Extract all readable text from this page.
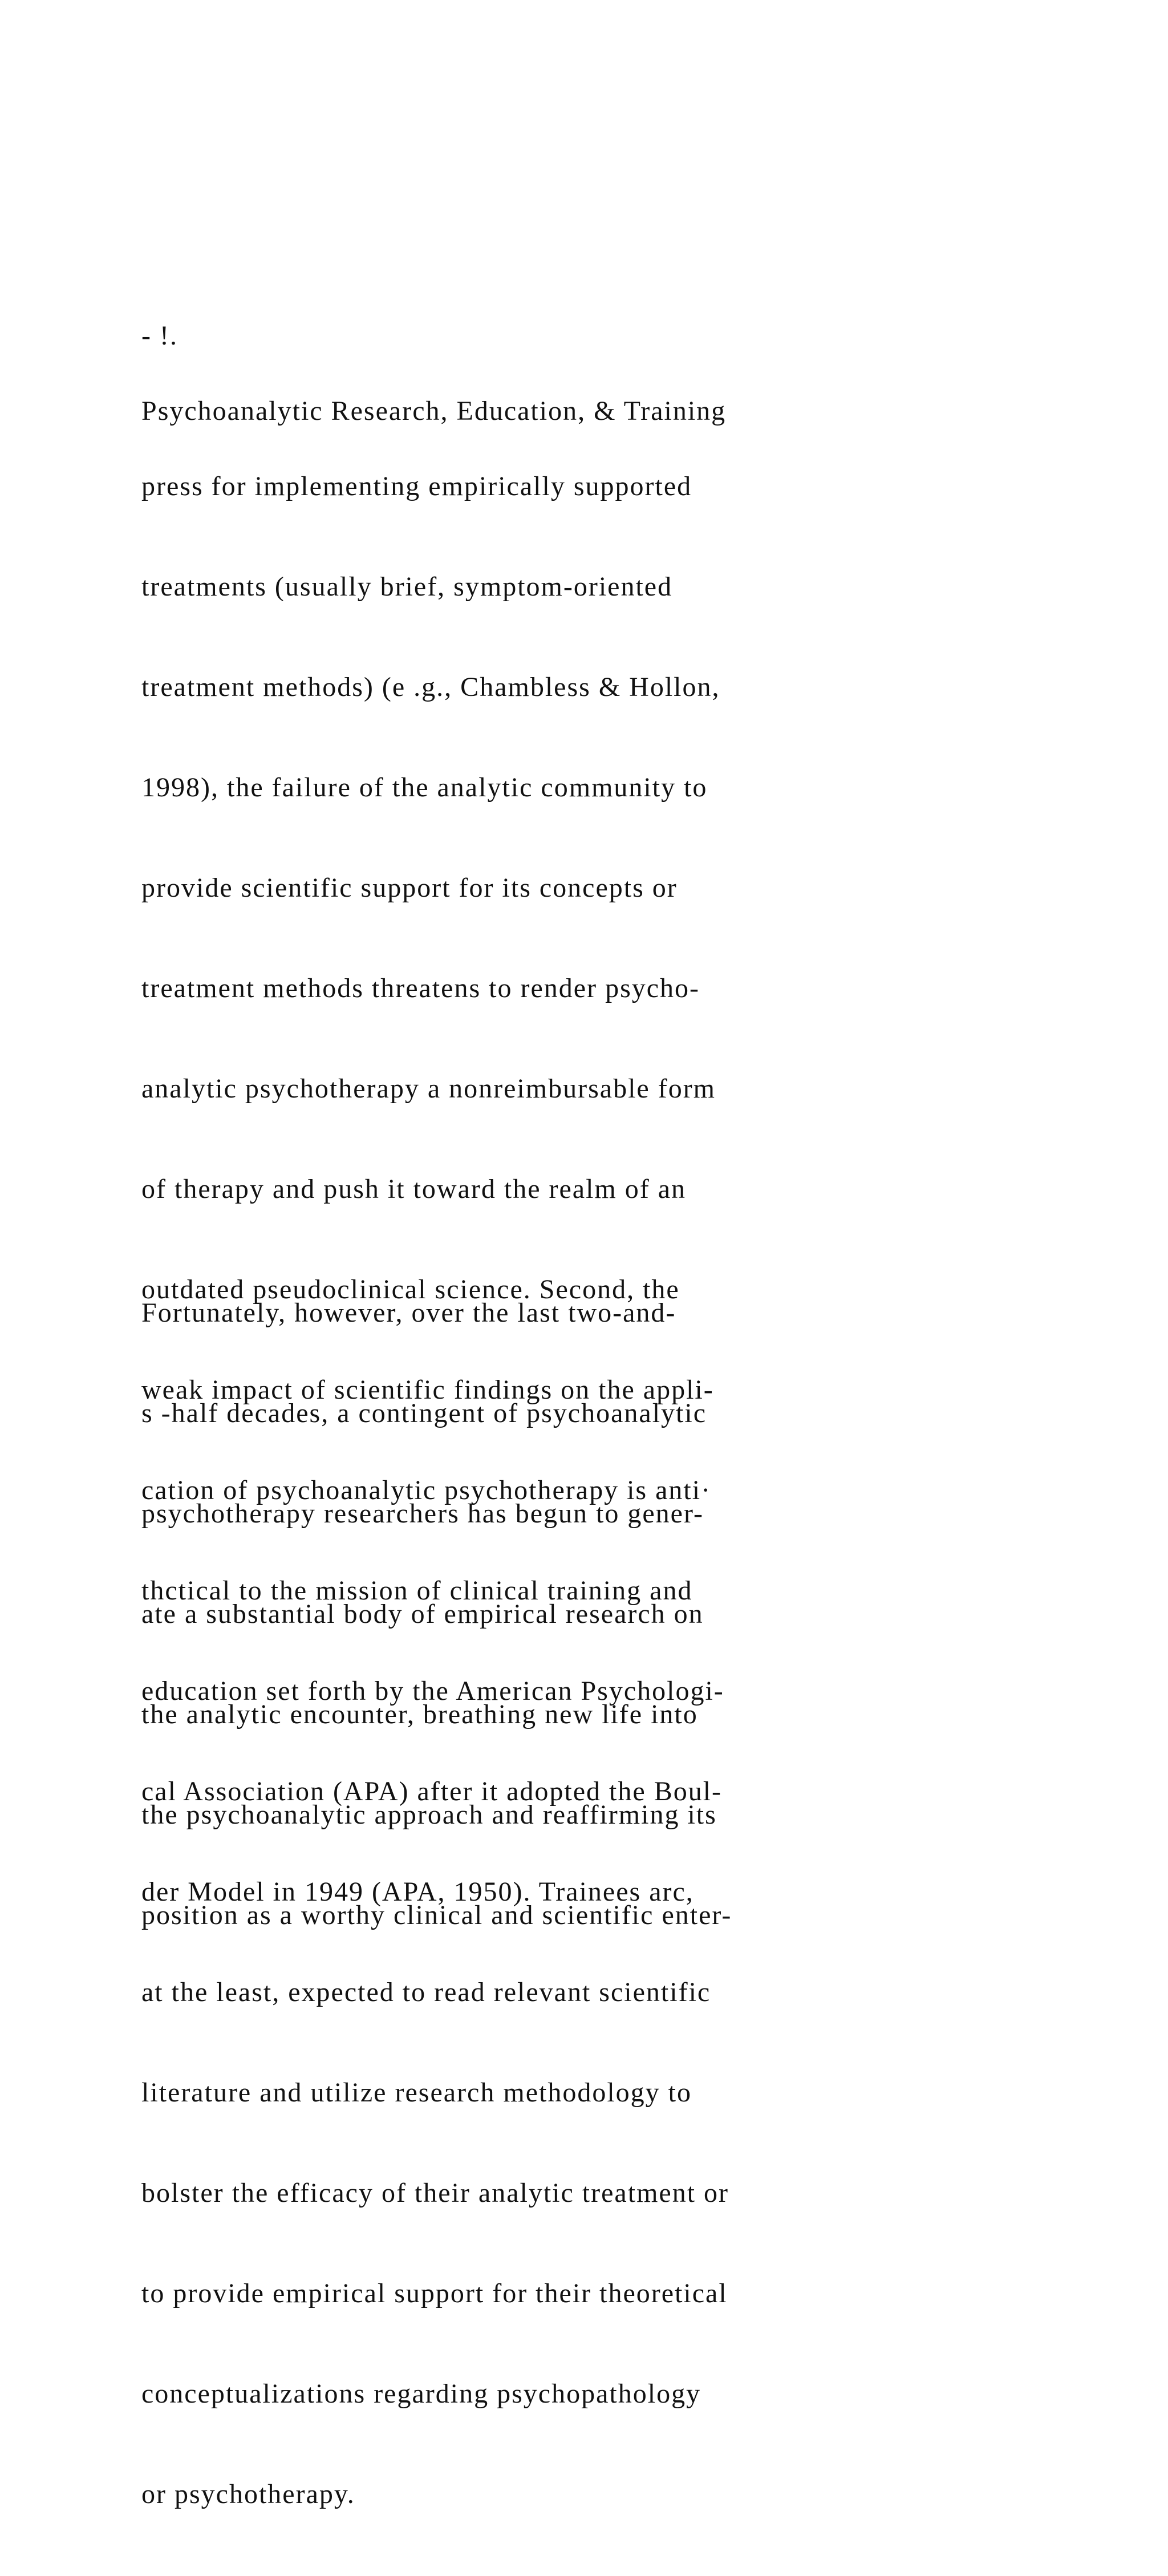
- !.

Psychoanalytic Research, Education, & Training

press for implementing empirically supported

treatments (usually brief, symptom-oriented

treatment methods) (e .g., Chambless & Hollon,

1998), the failure of the analytic community to

provide scientific support for its concepts or

treatment methods threatens to render psycho-

analytic psychotherapy a nonreimbursable form

of therapy and push it toward the realm of an

outdated pseudoclinical science. Second, the

weak impact of scientific findings on the appli-

cation of psychoanalytic psychotherapy is anti·

thctical to the mission of clinical training and

education set forth by the American Psychologi-

cal Association (APA) after it adopted the Boul-

der Model in 1949 (APA, 1950). Trainees arc,

at the least, expected to read relevant scientific

literature and utilize research methodology to

bolster the efficacy of their analytic treatment or

to provide empirical support for their theoretical

conceptualizations regarding psychopathology

or psychotherapy.

Fortunately, however, over the last two-and-

s -half decades, a contingent of psychoanalytic

psychotherapy researchers has begun to gener-

ate a substantial body of empirical research on

the analytic encounter, breathing new life into

the psychoanalytic approach and reaffirming its

position as a worthy clinical and scientific enter-
